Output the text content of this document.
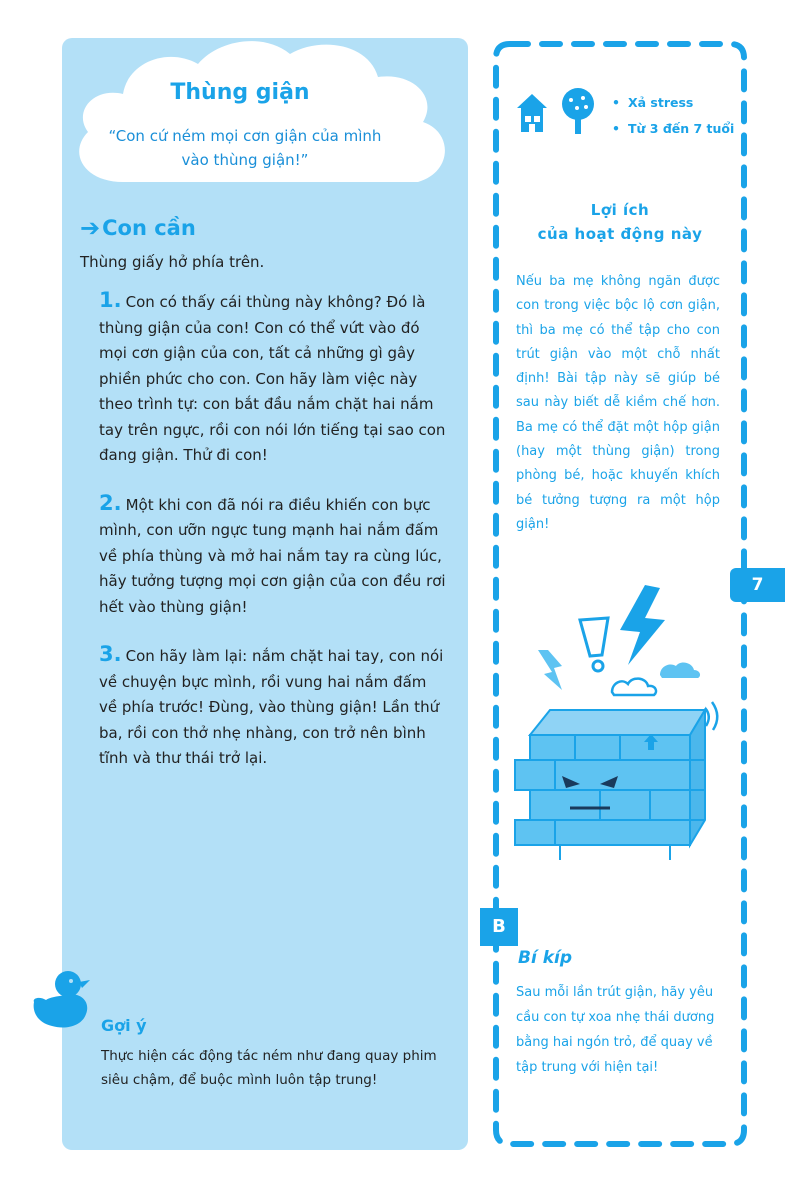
Thùng giận
“Con cứ ném mọi cơn giận của mình vào thùng giận!”
➔ Con cần
Thùng giấy hở phía trên.

1. Con có thấy cái thùng này không? Đó là thùng giận của con! Con có thể vứt vào đó mọi cơn giận của con, tất cả những gì gây phiền phức cho con. Con hãy làm việc này theo trình tự: con bắt đầu nắm chặt hai nắm tay trên ngực, rồi con nói lớn tiếng tại sao con đang giận. Thử đi con!

2. Một khi con đã nói ra điều khiến con bực mình, con ưỡn ngực tung mạnh hai nắm đấm về phía thùng và mở hai nắm tay ra cùng lúc, hãy tưởng tượng mọi cơn giận của con đều rơi hết vào thùng giận!

3. Con hãy làm lại: nắm chặt hai tay, con nói về chuyện bực mình, rồi vung hai nắm đấm về phía trước! Đùng, vào thùng giận! Lần thứ ba, rồi con thở nhẹ nhàng, con trở nên bình tĩnh và thư thái trở lại.

Gợi ý
Thực hiện các động tác ném như đang quay phim siêu chậm, để buộc mình luôn tập trung!
• Xả stress
• Từ 3 đến 7 tuổi
Lợi ích
của hoạt động này
Nếu ba mẹ không ngăn được con trong việc bộc lộ cơn giận, thì ba mẹ có thể tập cho con trút giận vào một chỗ nhất định! Bài tập này sẽ giúp bé sau này biết dễ kiềm chế hơn. Ba mẹ có thể đặt một hộp giận (hay một thùng giận) trong phòng bé, hoặc khuyến khích bé tưởng tượng ra một hộp giận!
7
B
Bí kíp
Sau mỗi lần trút giận, hãy yêu cầu con tự xoa nhẹ thái dương bằng hai ngón trỏ, để quay về tập trung với hiện tại!
